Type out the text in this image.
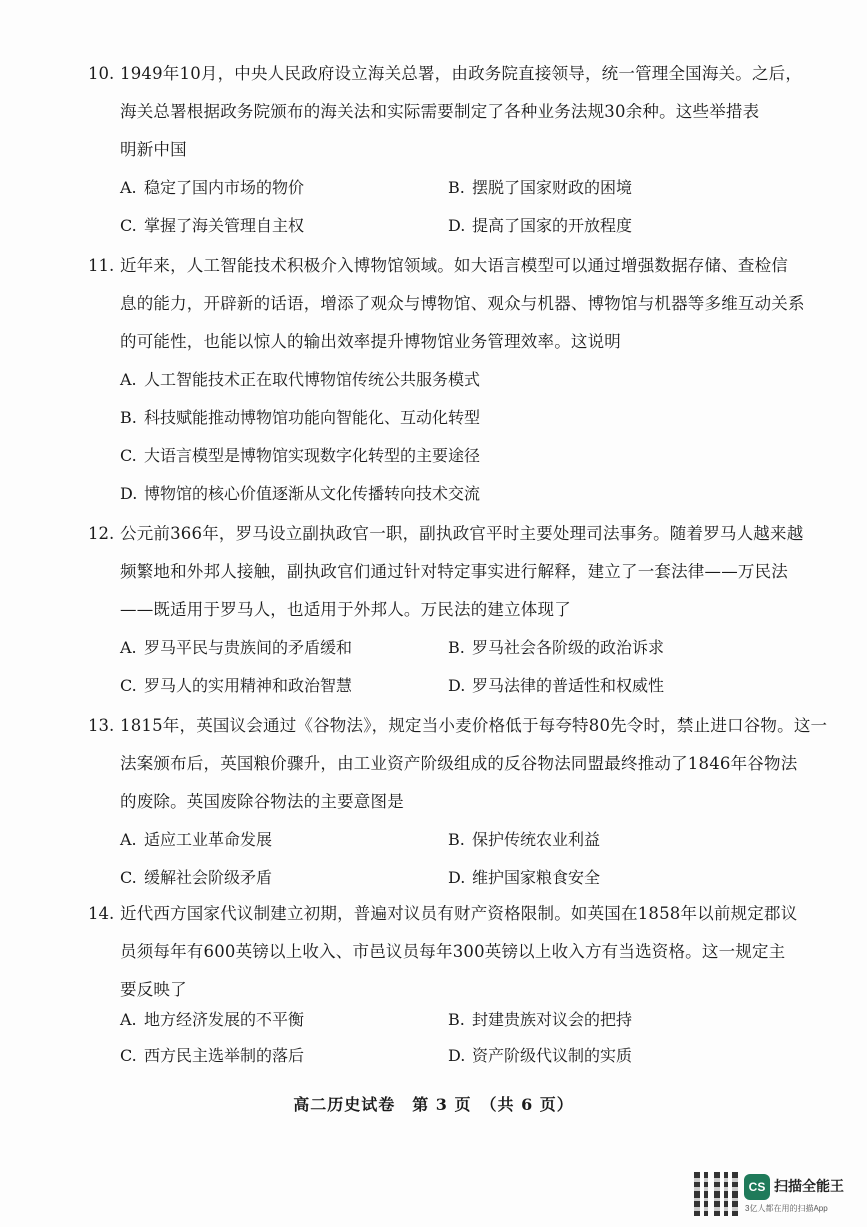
10. 1949年10月，中央人民政府设立海关总署，由政务院直接领导，统一管理全国海关。之后，
海关总署根据政务院颁布的海关法和实际需要制定了各种业务法规30余种。这些举措表
明新中国
A. 稳定了国内市场的物价	B. 摆脱了国家财政的困境
C. 掌握了海关管理自主权	D. 提高了国家的开放程度
11. 近年来，人工智能技术积极介入博物馆领域。如大语言模型可以通过增强数据存储、查检信
息的能力，开辟新的话语，增添了观众与博物馆、观众与机器、博物馆与机器等多维互动关系
的可能性，也能以惊人的输出效率提升博物馆业务管理效率。这说明
A. 人工智能技术正在取代博物馆传统公共服务模式
B. 科技赋能推动博物馆功能向智能化、互动化转型
C. 大语言模型是博物馆实现数字化转型的主要途径
D. 博物馆的核心价值逐渐从文化传播转向技术交流
12. 公元前366年，罗马设立副执政官一职，副执政官平时主要处理司法事务。随着罗马人越来越
频繁地和外邦人接触，副执政官们通过针对特定事实进行解释，建立了一套法律——万民法
——既适用于罗马人，也适用于外邦人。万民法的建立体现了
A. 罗马平民与贵族间的矛盾缓和	B. 罗马社会各阶级的政治诉求
C. 罗马人的实用精神和政治智慧	D. 罗马法律的普适性和权威性
13. 1815年，英国议会通过《谷物法》，规定当小麦价格低于每夸特80先令时，禁止进口谷物。这一
法案颁布后，英国粮价骤升，由工业资产阶级组成的反谷物法同盟最终推动了1846年谷物法
的废除。英国废除谷物法的主要意图是
A. 适应工业革命发展	B. 保护传统农业利益
C. 缓解社会阶级矛盾	D. 维护国家粮食安全
14. 近代西方国家代议制建立初期，普遍对议员有财产资格限制。如英国在1858年以前规定郡议
员须每年有600英镑以上收入、市邑议员每年300英镑以上收入方有当选资格。这一规定主
要反映了
A. 地方经济发展的不平衡	B. 封建贵族对议会的把持
C. 西方民主选举制的落后	D. 资产阶级代议制的实质
高二历史试卷　第 3 页　（共 6 页）
CS 扫描全能王
3亿人都在用的扫描App
